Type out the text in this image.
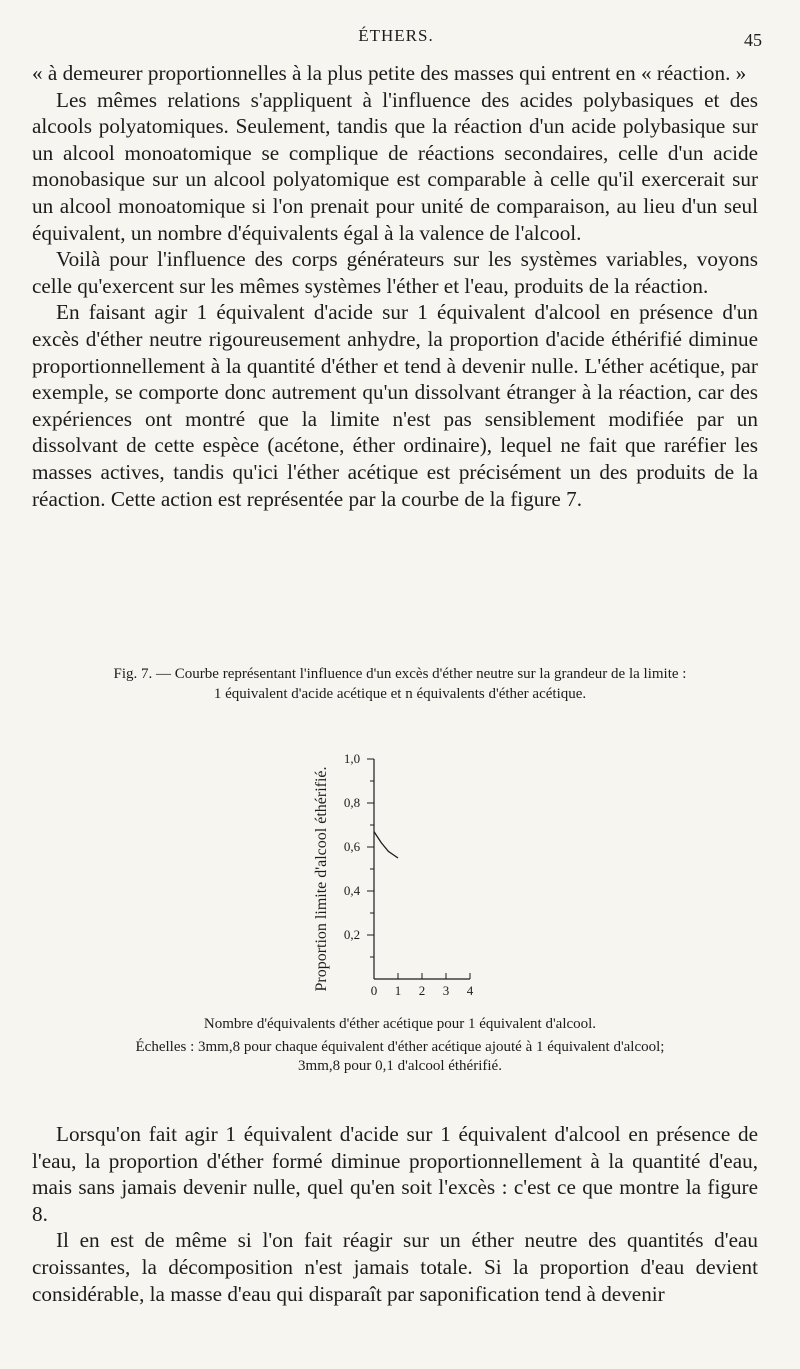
ÉTHERS.	45

« à demeurer proportionnelles à la plus petite des masses qui entrent en « réaction. »

Les mêmes relations s'appliquent à l'influence des acides polybasiques et des alcools polyatomiques. Seulement, tandis que la réaction d'un acide polybasique sur un alcool monoatomique se complique de réactions secondaires, celle d'un acide monobasique sur un alcool polyatomique est comparable à celle qu'il exercerait sur un alcool monoatomique si l'on prenait pour unité de comparaison, au lieu d'un seul équivalent, un nombre d'équivalents égal à la valence de l'alcool.

Voilà pour l'influence des corps générateurs sur les systèmes variables, voyons celle qu'exercent sur les mêmes systèmes l'éther et l'eau, produits de la réaction.

En faisant agir 1 équivalent d'acide sur 1 équivalent d'alcool en présence d'un excès d'éther neutre rigoureusement anhydre, la proportion d'acide éthérifié diminue proportionnellement à la quantité d'éther et tend à devenir nulle. L'éther acétique, par exemple, se comporte donc autrement qu'un dissolvant étranger à la réaction, car des expériences ont montré que la limite n'est pas sensiblement modifiée par un dissolvant de cette espèce (acétone, éther ordinaire), lequel ne fait que raréfier les masses actives, tandis qu'ici l'éther acétique est précisément un des produits de la réaction. Cette action est représentée par la courbe de la figure 7.

Fig. 7. — Courbe représentant l'influence d'un excès d'éther neutre sur la grandeur de la limite :
1 équivalent d'acide acétique et n équivalents d'éther acétique.
0,2
0,4
0,6
0,8
1,0
0 1 2 3 4
Proportion limite d'alcool éthérifié.
Nombre d'équivalents d'éther acétique pour 1 équivalent d'alcool.
Échelles : 3mm,8 pour chaque équivalent d'éther acétique ajouté à 1 équivalent d'alcool;
3mm,8 pour 0,1 d'alcool éthérifié.

Lorsqu'on fait agir 1 équivalent d'acide sur 1 équivalent d'alcool en présence de l'eau, la proportion d'éther formé diminue proportionnellement à la quantité d'eau, mais sans jamais devenir nulle, quel qu'en soit l'excès : c'est ce que montre la figure 8.

Il en est de même si l'on fait réagir sur un éther neutre des quantités d'eau croissantes, la décomposition n'est jamais totale. Si la proportion d'eau devient considérable, la masse d'eau qui disparaît par saponification tend à devenir
